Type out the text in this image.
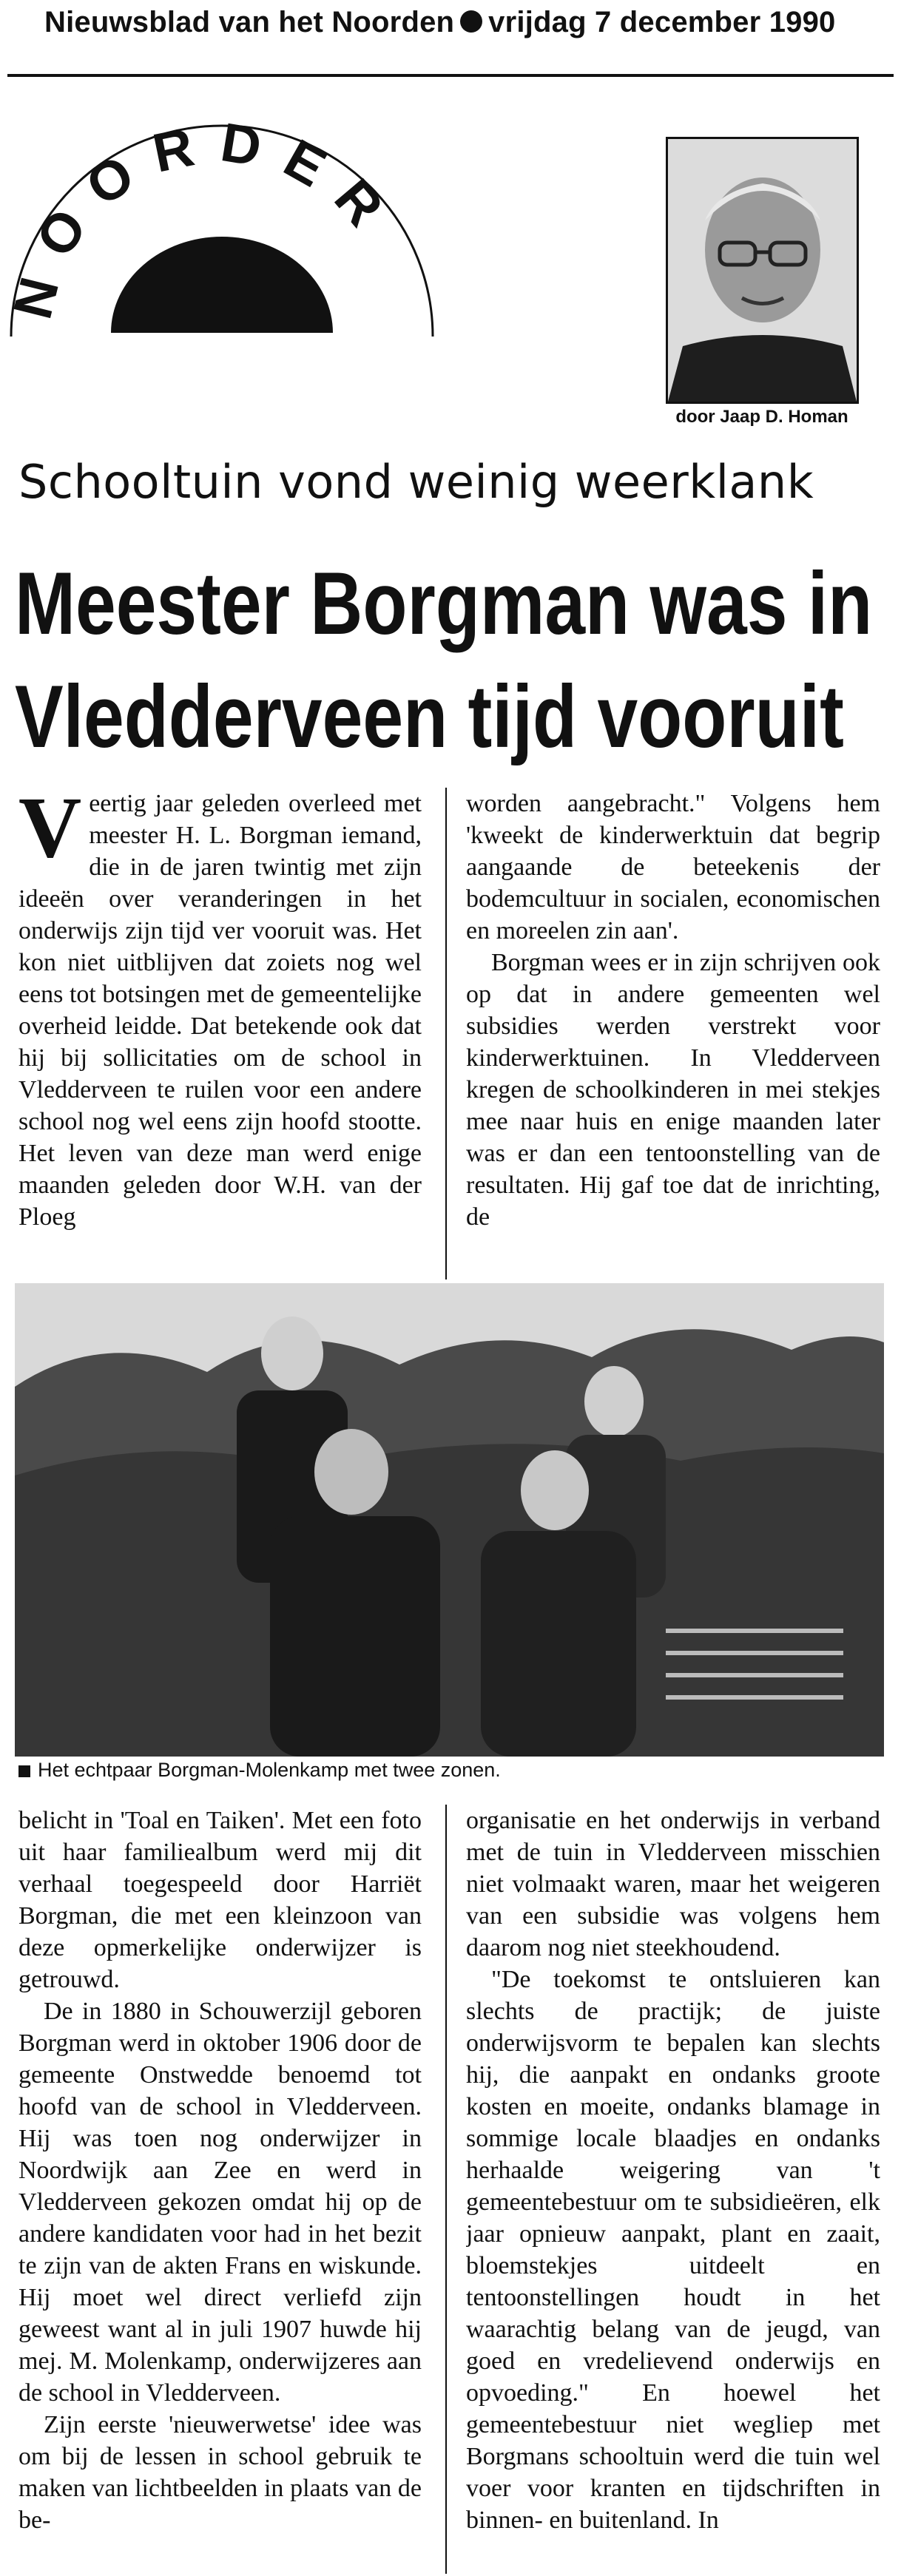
Nieuwsblad van het Noorden vrijdag 7 december 1990
NOORDER
door Jaap D. Homan
Schooltuin vond weinig weerklank
Meester Borgman was in
Vledderveen tijd vooruit

Veertig jaar geleden overleed met meester H. L. Borgman iemand, die in de jaren twintig met zijn ideeën over veranderingen in het onderwijs zijn tijd ver vooruit was. Het kon niet uitblijven dat zoiets nog wel eens tot botsingen met de gemeentelijke overheid leidde. Dat betekende ook dat hij bij sollicitaties om de school in Vledderveen te ruilen voor een andere school nog wel eens zijn hoofd stootte. Het leven van deze man werd enige maanden geleden door W.H. van der Ploeg

worden aangebracht." Volgens hem 'kweekt de kinderwerktuin dat begrip aangaande de beteekenis der bodemcultuur in socialen, economischen en moreelen zin aan'.

Borgman wees er in zijn schrijven ook op dat in andere gemeenten wel subsidies werden verstrekt voor kinderwerktuinen. In Vledderveen kregen de schoolkinderen in mei stekjes mee naar huis en enige maanden later was er dan een tentoonstelling van de resultaten. Hij gaf toe dat de inrichting, de

Het echtpaar Borgman-Molenkamp met twee zonen.

belicht in 'Toal en Taiken'. Met een foto uit haar familiealbum werd mij dit verhaal toegespeeld door Harriët Borgman, die met een kleinzoon van deze opmerkelijke onderwijzer is getrouwd.

De in 1880 in Schouwerzijl geboren Borgman werd in oktober 1906 door de gemeente Onstwedde benoemd tot hoofd van de school in Vledderveen. Hij was toen nog onderwijzer in Noordwijk aan Zee en werd in Vledderveen gekozen omdat hij op de andere kandidaten voor had in het bezit te zijn van de akten Frans en wiskunde. Hij moet wel direct verliefd zijn geweest want al in juli 1907 huwde hij mej. M. Molenkamp, onderwijzeres aan de school in Vledderveen.

Zijn eerste 'nieuwerwetse' idee was om bij de lessen in school gebruik te maken van lichtbeelden in plaats van de be-

organisatie en het onderwijs in verband met de tuin in Vledderveen misschien niet volmaakt waren, maar het weigeren van een subsidie was volgens hem daarom nog niet steekhoudend.

"De toekomst te ontsluieren kan slechts de practijk; de juiste onderwijsvorm te bepalen kan slechts hij, die aanpakt en ondanks groote kosten en moeite, ondanks blamage in sommige locale blaadjes en ondanks herhaalde weigering van 't gemeentebestuur om te subsidieëren, elk jaar opnieuw aanpakt, plant en zaait, bloemstekjes uitdeelt en tentoonstellingen houdt in het waarachtig belang van de jeugd, van goed en vredelievend onderwijs en opvoeding." En hoewel het gemeentebestuur niet wegliep met Borgmans schooltuin werd die tuin wel voer voor kranten en tijdschriften in binnen- en buitenland. In
